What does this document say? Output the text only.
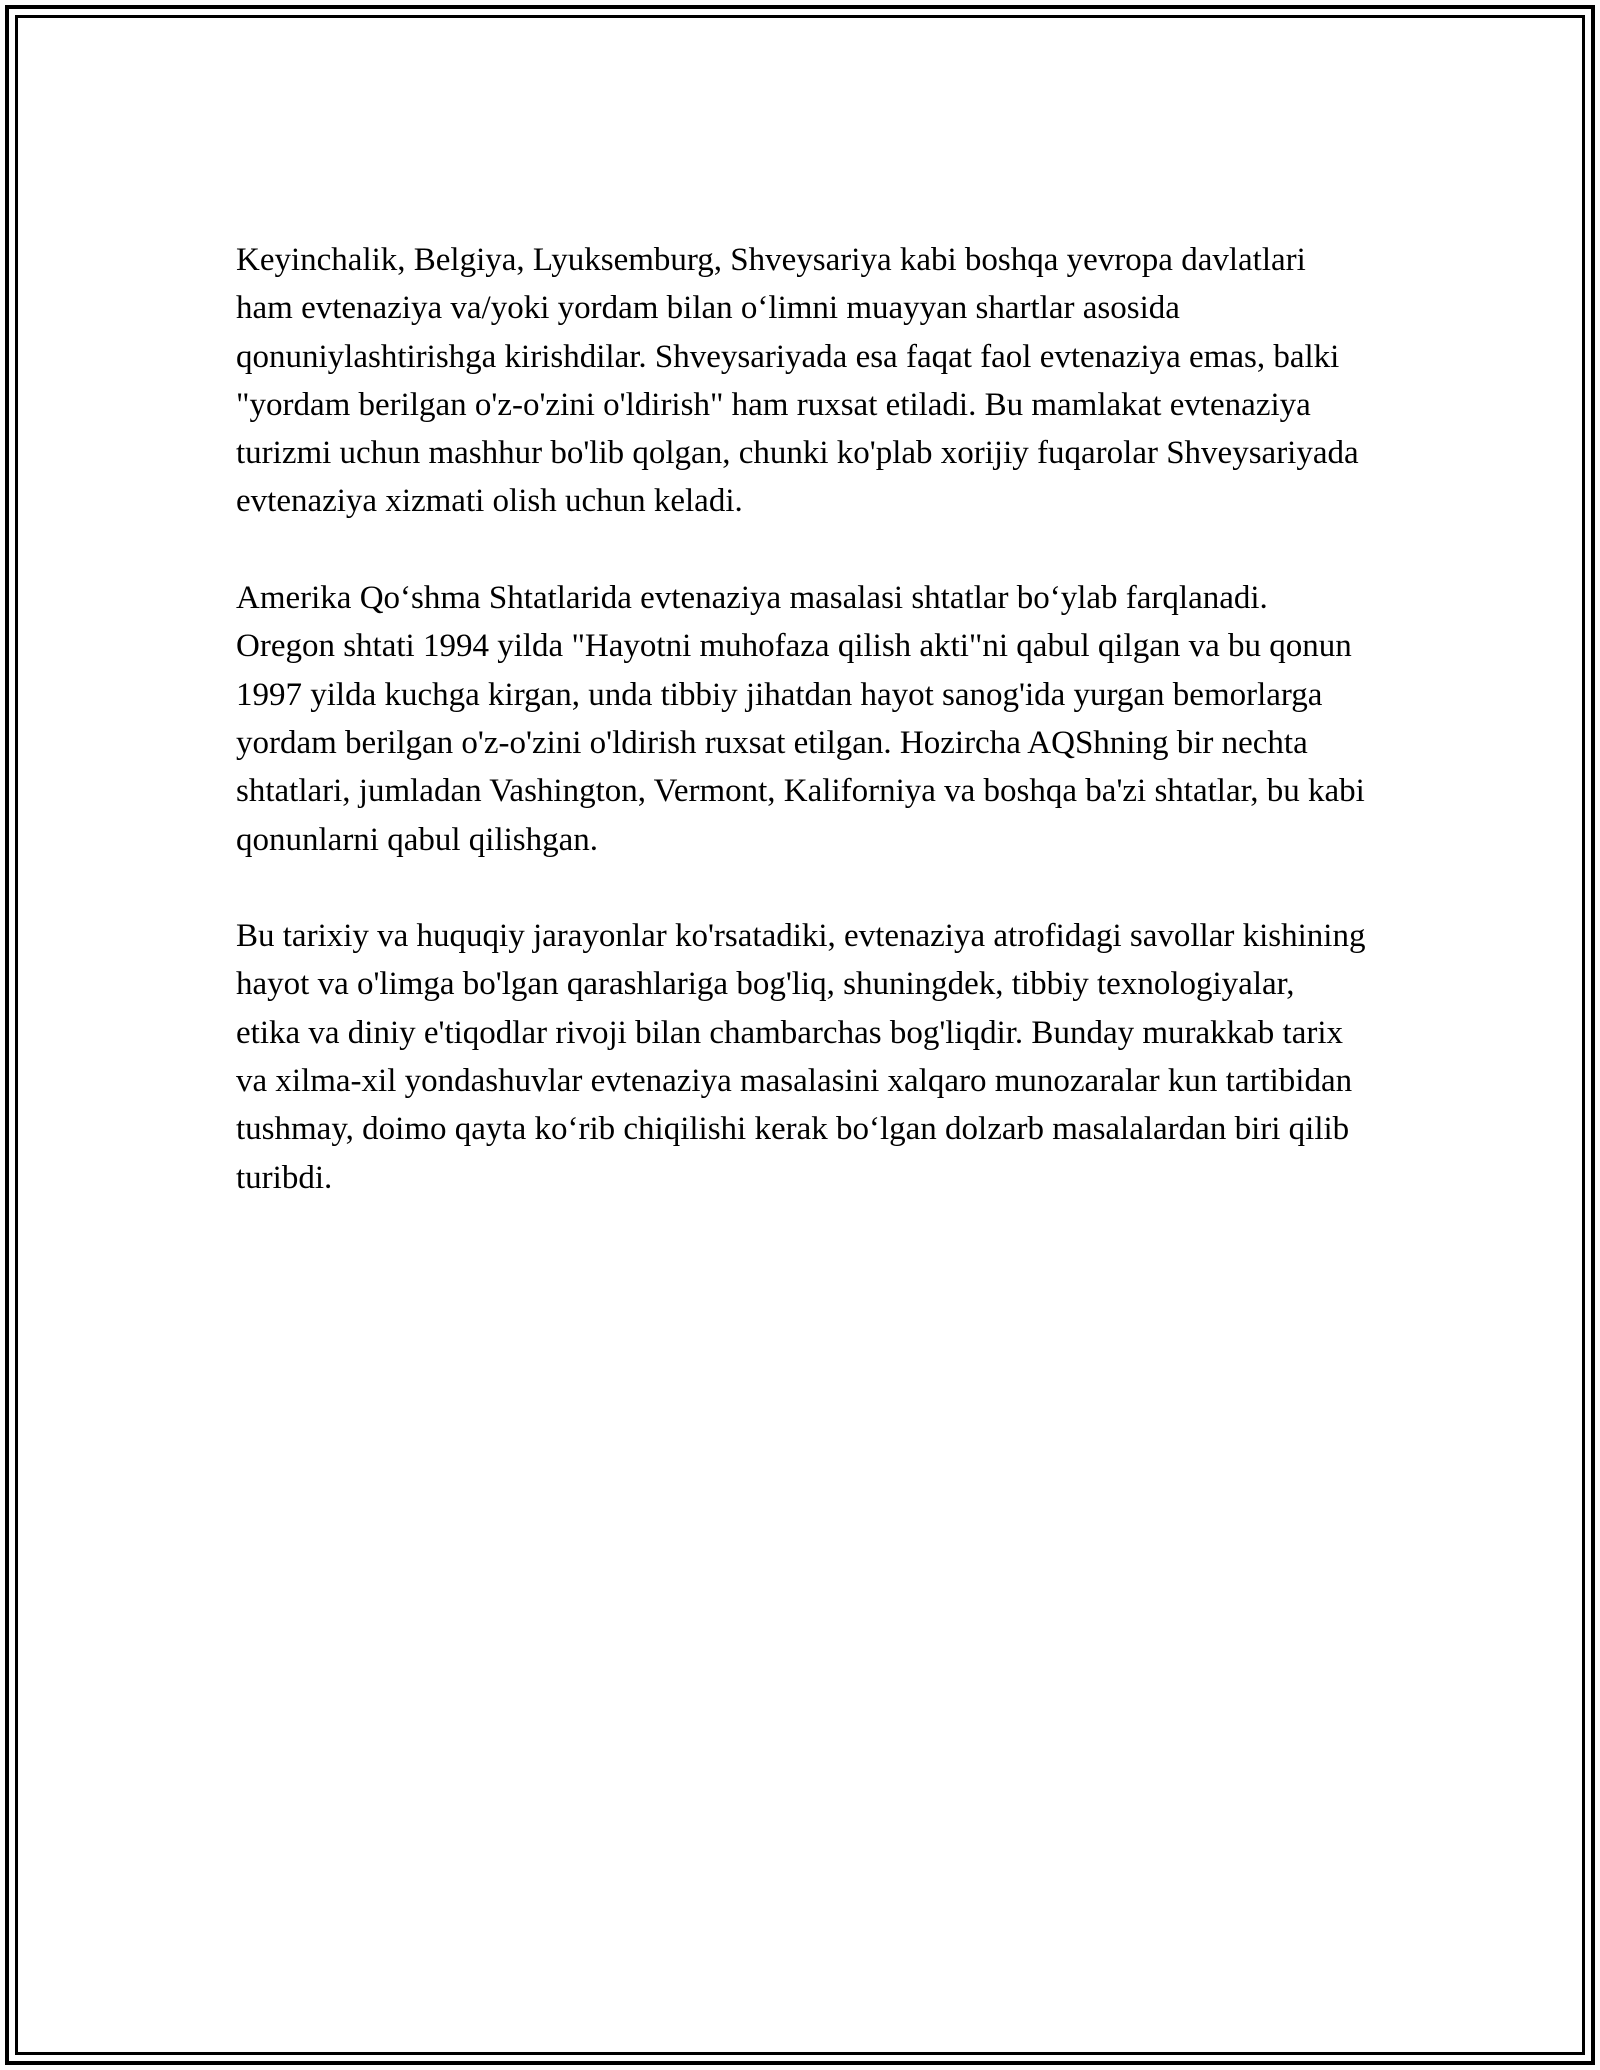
Keyinchalik, Belgiya, Lyuksemburg, Shveysariya kabi boshqa yevropa davlatlari ham evtenaziya va/yoki yordam bilan o‘limni muayyan shartlar asosida qonuniylashtirishga kirishdilar. Shveysariyada esa faqat faol evtenaziya emas, balki "yordam berilgan o'z-o'zini o'ldirish" ham ruxsat etiladi. Bu mamlakat evtenaziya turizmi uchun mashhur bo'lib qolgan, chunki ko'plab xorijiy fuqarolar Shveysariyada evtenaziya xizmati olish uchun keladi.

Amerika Qo‘shma Shtatlarida evtenaziya masalasi shtatlar bo‘ylab farqlanadi. Oregon shtati 1994 yilda "Hayotni muhofaza qilish akti"ni qabul qilgan va bu qonun 1997 yilda kuchga kirgan, unda tibbiy jihatdan hayot sanog'ida yurgan bemorlarga yordam berilgan o'z-o'zini o'ldirish ruxsat etilgan. Hozircha AQShning bir nechta shtatlari, jumladan Vashington, Vermont, Kaliforniya va boshqa ba'zi shtatlar, bu kabi qonunlarni qabul qilishgan.

Bu tarixiy va huquqiy jarayonlar ko'rsatadiki, evtenaziya atrofidagi savollar kishining hayot va o'limga bo'lgan qarashlariga bog'liq, shuningdek, tibbiy texnologiyalar, etika va diniy e'tiqodlar rivoji bilan chambarchas bog'liqdir. Bunday murakkab tarix va xilma-xil yondashuvlar evtenaziya masalasini xalqaro munozaralar kun tartibidan tushmay, doimo qayta ko‘rib chiqilishi kerak bo‘lgan dolzarb masalalardan biri qilib turibdi.
